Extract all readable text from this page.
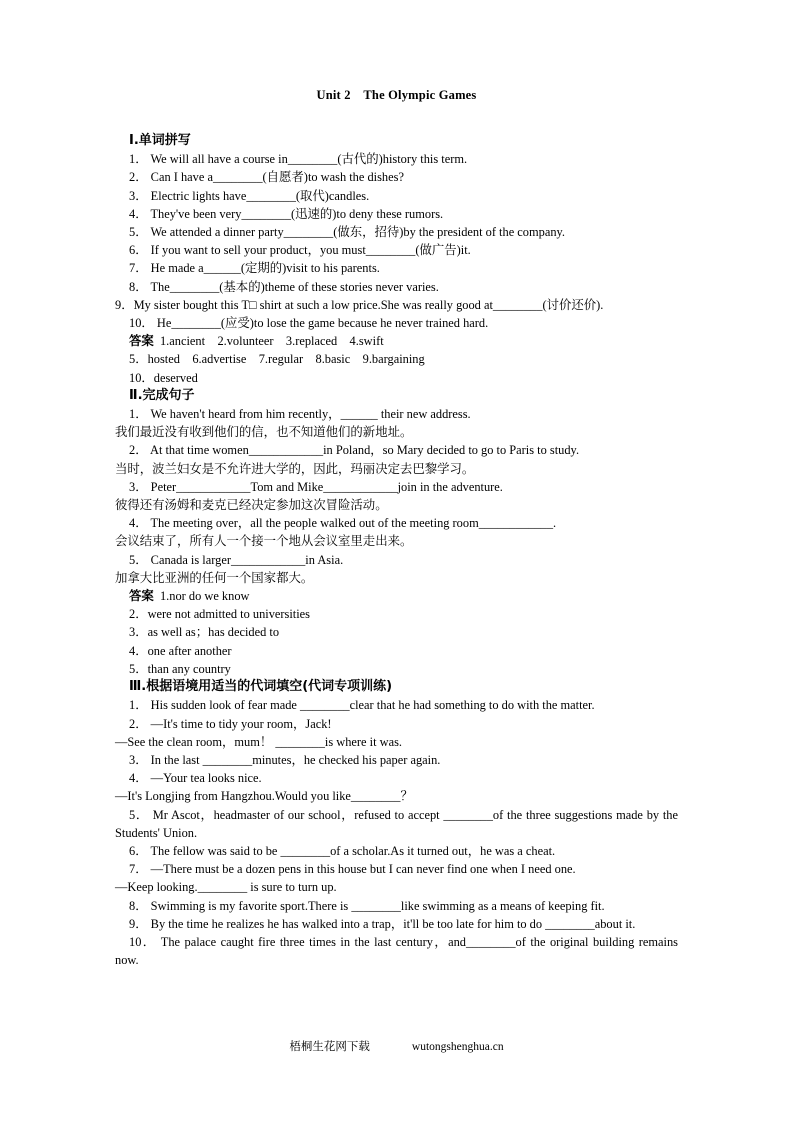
Unit 2 The Olympic Games
Ⅰ.单词拼写

1． We will all have a course in________(古代的)history this term.

2． Can I have a________(自愿者)to wash the dishes?

3． Electric lights have________(取代)candles.

4． They've been very________(迅速的)to deny these rumors.

5． We attended a dinner party________(做东，招待)by the president of the company.

6． If you want to sell your product，you must________(做广告)it.

7． He made a______(定期的)visit to his parents.

8． The________(基本的)theme of these stories never varies.

9．My sister bought this T□ shirt at such a low price.She was really good at________(讨价还价).

10． He________(应受)to lose the game because he never trained hard.

答案  1.ancient　2.volunteer　3.replaced　4.swift

5．hosted　6.advertise　7.regular　8.basic　9.bargaining

10．deserved

Ⅱ.完成句子

1． We haven't heard from him recently，______ their new address.

我们最近没有收到他们的信，也不知道他们的新地址。

2． At that time women____________in Poland，so Mary decided to go to Paris to study.

当时，波兰妇女是不允许进大学的，因此，玛丽决定去巴黎学习。

3． Peter____________Tom and Mike____________join in the adventure.

彼得还有汤姆和麦克已经决定参加这次冒险活动。

4． The meeting over，all the people walked out of the meeting room____________.

会议结束了，所有人一个接一个地从会议室里走出来。

5． Canada is larger____________in Asia.

加拿大比亚洲的任何一个国家都大。

答案  1.nor do we know

2．were not admitted to universities

3．as well as；has decided to

4．one after another

5．than any country

Ⅲ.根据语境用适当的代词填空(代词专项训练)

1． His sudden look of fear made ________clear that he had something to do with the matter.

2． —It's time to tidy your room，Jack!

—See the clean room，mum！ ________is where it was.

3． In the last ________minutes，he checked his paper again.

4． —Your tea looks nice.

—It's Longjing from Hangzhou.Would you like________？

5． Mr Ascot，headmaster of our school，refused to accept ________of the three suggestions made by the Students' Union.

6． The fellow was said to be ________of a scholar.As it turned out，he was a cheat.

7． —There must be a dozen pens in this house but I can never find one when I need one.

—Keep looking.________ is sure to turn up.

8． Swimming is my favorite sport.There is ________like swimming as a means of keeping fit.

9． By the time he realizes he has walked into a trap，it'll be too late for him to do ________about it.

10． The palace caught fire three times in the last century，and________of the original building remains now.

梧桐生花网下载	wutongshenghua.cn
